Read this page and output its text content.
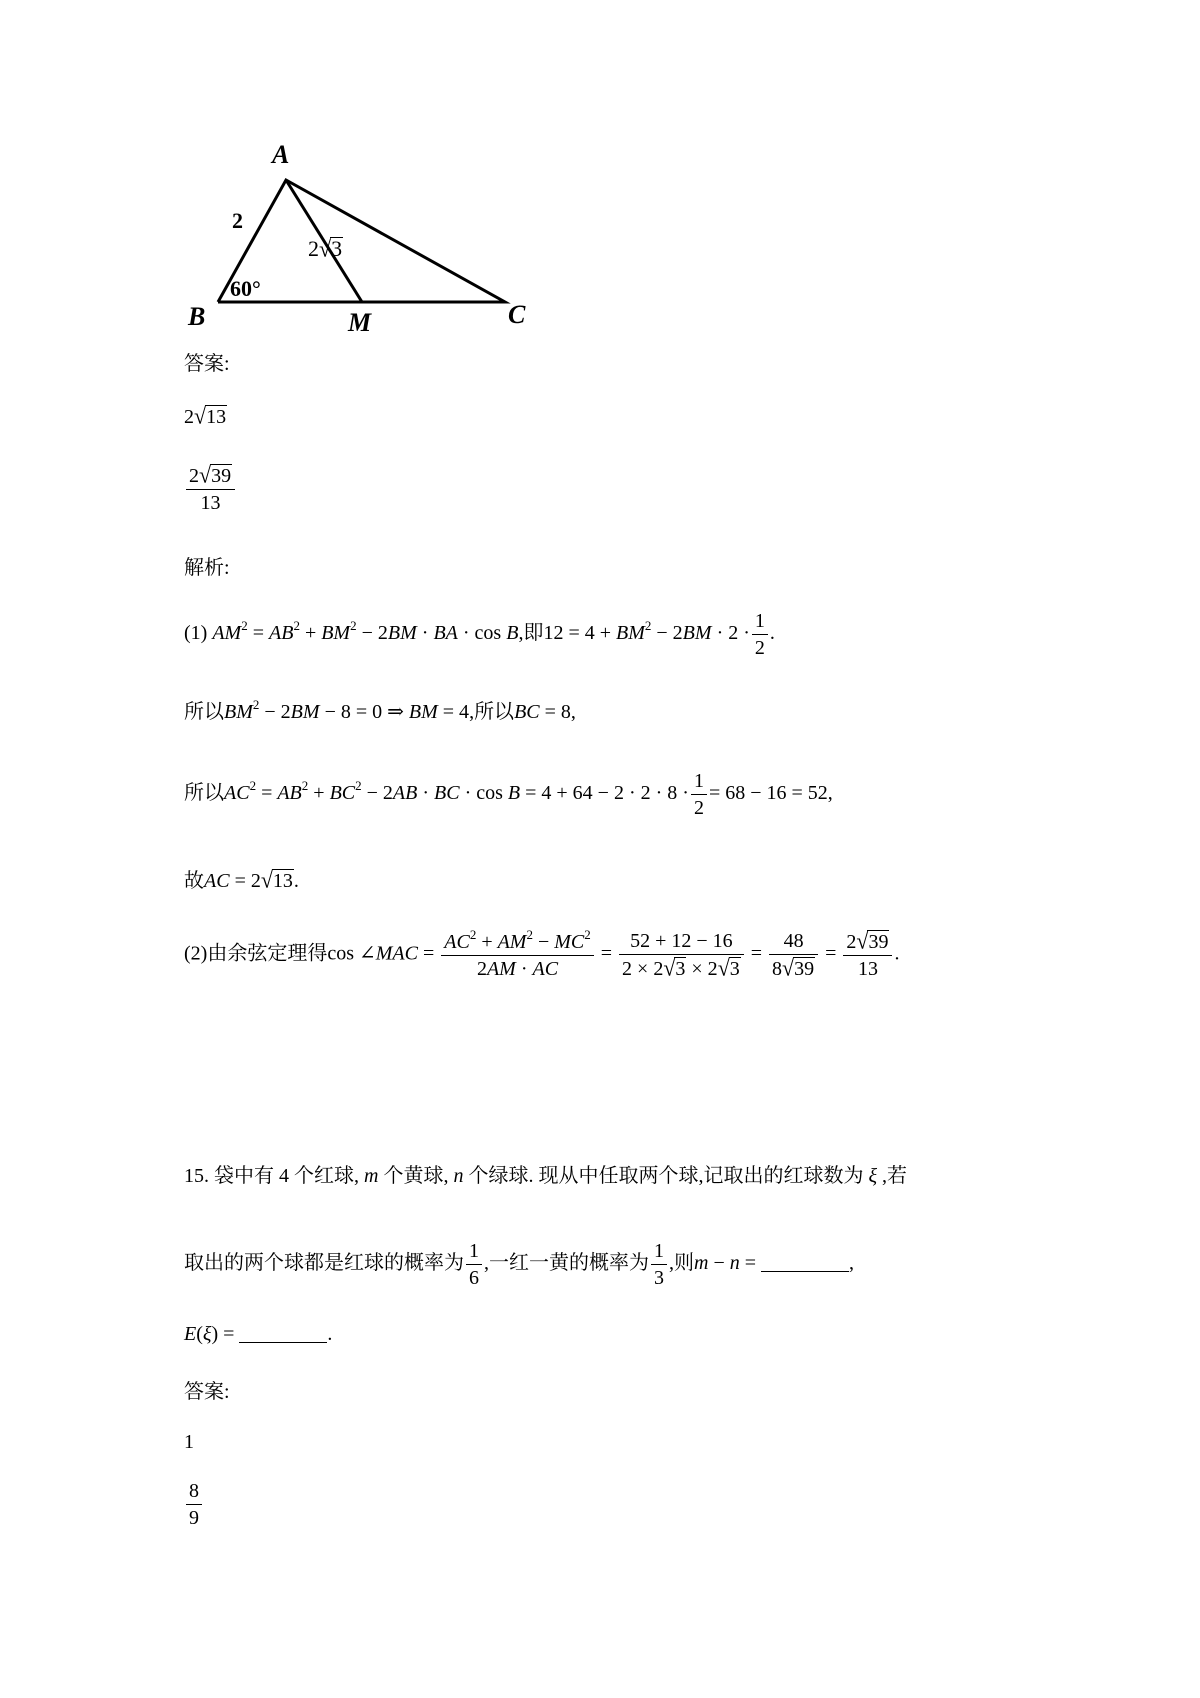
A
B	M	C
2
60°
2√3
答案:
2√13
$\frac{2√39}{13}$
解析:
(1) $AM^2 = AB^2 + BM^2 - 2BM$ · BA · cos B,即$12 = 4 + BM^2 - 2BM \cdot 2 \cdot \frac{1}{2}$ .
所以$BM^2 - 2BM - 8 = 0$ ⇒ BM = 4,所以BC = 8,
所以$AC^2 = AB^2 + BC^2 - 2AB$ · BC · $\cos B = 4 + 64 - 2 \cdot 2 \cdot 8 \cdot \frac{1}{2} = 68 - 16 = 52$,
故AC = 2√13.
(2)由余弦定理得cos ∠MAC = $\frac{AC^2 + AM^2 - MC^2}{2AM \cdot AC} = \frac{52 + 12 - 16}{2 \times 2√3 \times 2√3} = \frac{48}{8√39} = \frac{2√39}{13}$ .
15. 袋中有 4 个红球, m 个黄球, n 个绿球. 现从中任取两个球,记取出的红球数为 ξ ,若
取出的两个球都是红球的概率为 $\frac{1}{6}$ ,一红一黄的概率为 $\frac{1}{3}$ ,则m − n =	,
E(ξ) =	.
答案:
1
$\frac{8}{9}$
